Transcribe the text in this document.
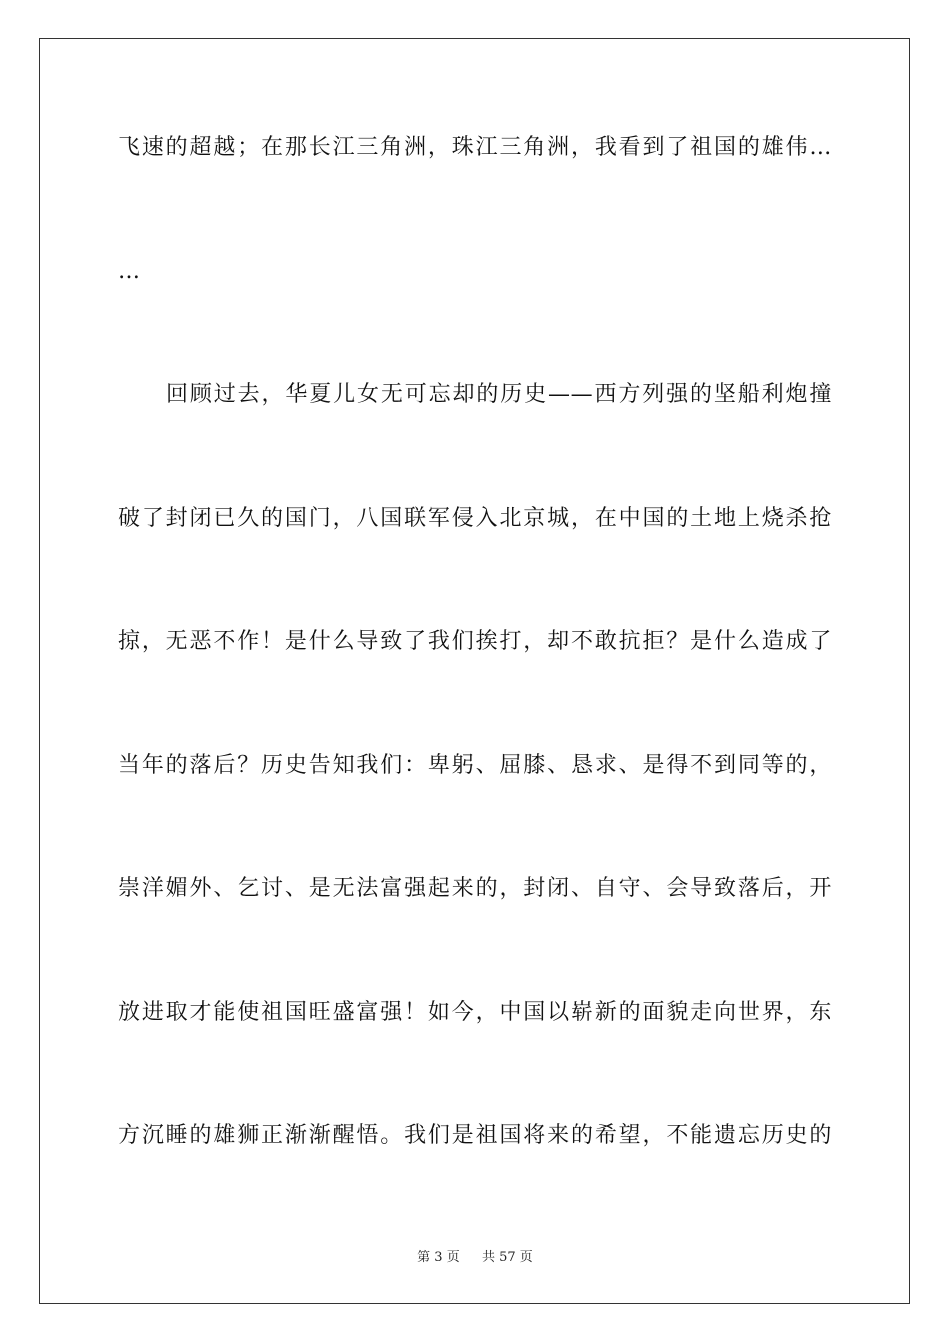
飞速的超越；在那长江三角洲，珠江三角洲，我看到了祖国的雄伟…
…
回顾过去，华夏儿女无可忘却的历史——西方列强的坚船利炮撞
破了封闭已久的国门，八国联军侵入北京城，在中国的土地上烧杀抢
掠，无恶不作！是什么导致了我们挨打，却不敢抗拒？是什么造成了
当年的落后？历史告知我们：卑躬、屈膝、恳求、是得不到同等的，
崇洋媚外、乞讨、是无法富强起来的，封闭、自守、会导致落后，开
放进取才能使祖国旺盛富强！如今，中国以崭新的面貌走向世界，东
方沉睡的雄狮正渐渐醒悟。我们是祖国将来的希望，不能遗忘历史的
第 3 页 共 57 页
